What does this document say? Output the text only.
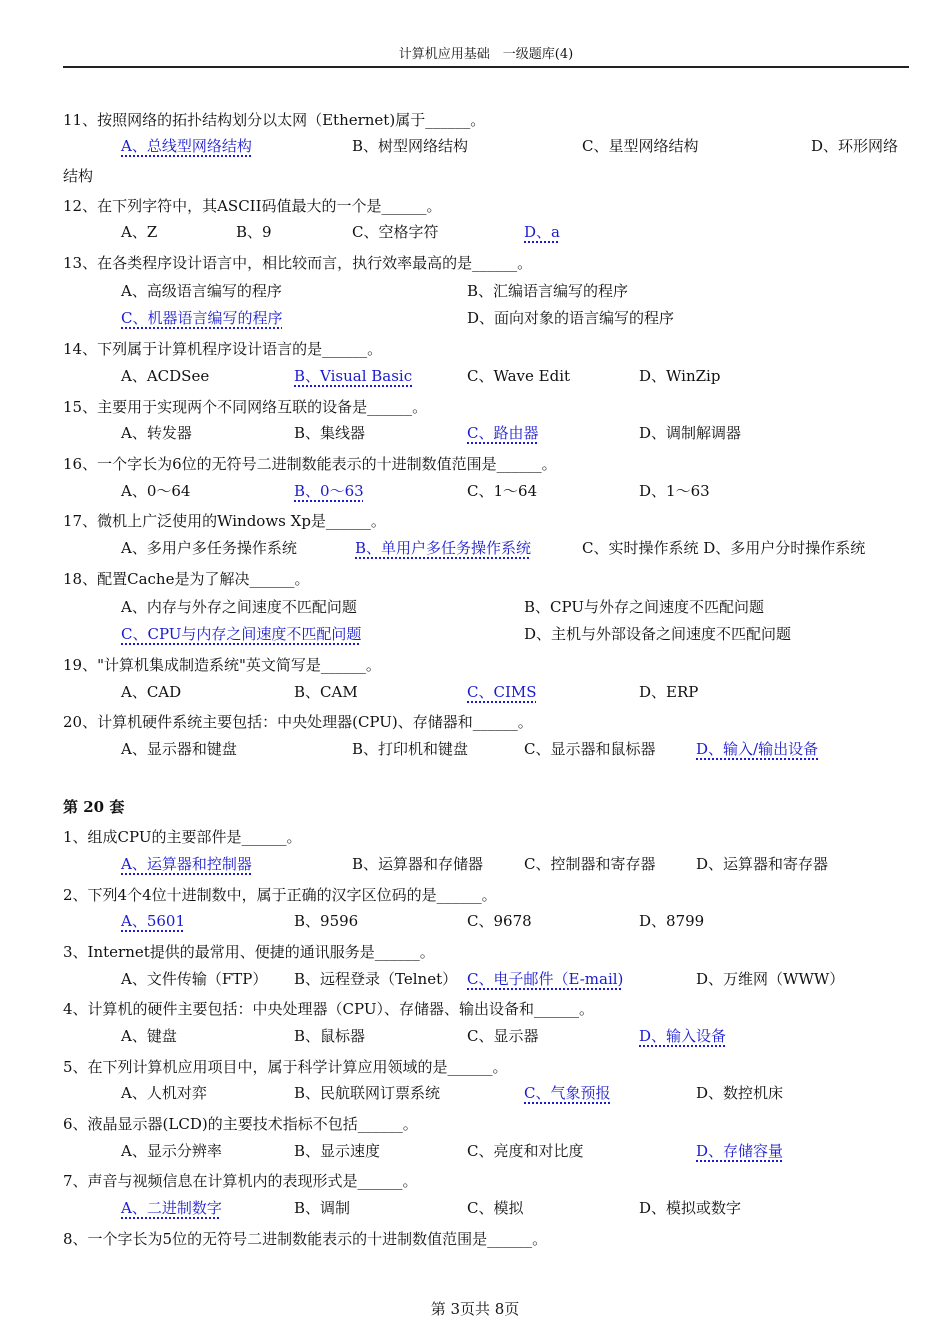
计算机应用基础　一级题库(4)

11、按照网络的拓扑结构划分以太网（Ethernet)属于______。

A、总线型网络结构	B、树型网络结构	C、星型网络结构	D、环形网络

结构

12、在下列字符中，其ASCII码值最大的一个是______。

A、Z	B、9	C、空格字符	D、a

13、在各类程序设计语言中，相比较而言，执行效率最高的是______。

A、高级语言编写的程序	B、汇编语言编写的程序
C、机器语言编写的程序	D、面向对象的语言编写的程序

14、下列属于计算机程序设计语言的是______。

A、ACDSee	B、Visual Basic	C、Wave Edit	D、WinZip

15、主要用于实现两个不同网络互联的设备是______。

A、转发器	B、集线器	C、路由器	D、调制解调器

16、一个字长为6位的无符号二进制数能表示的十进制数值范围是______。

A、0～64	B、0～63	C、1～64	D、1～63

17、微机上广泛使用的Windows Xp是______。

A、多用户多任务操作系统	B、单用户多任务操作系统	C、实时操作系统 D、多用户分时操作系统

18、配置Cache是为了解决______。

A、内存与外存之间速度不匹配问题	B、CPU与外存之间速度不匹配问题
C、CPU与内存之间速度不匹配问题	D、主机与外部设备之间速度不匹配问题

19、"计算机集成制造系统"英文简写是______。

A、CAD	B、CAM	C、CIMS	D、ERP

20、计算机硬件系统主要包括：中央处理器(CPU)、存储器和______。

A、显示器和键盘	B、打印机和键盘	C、显示器和鼠标器	D、输入/输出设备

第 20 套

1、组成CPU的主要部件是______。

A、运算器和控制器	B、运算器和存储器	C、控制器和寄存器	D、运算器和寄存器

2、下列4个4位十进制数中，属于正确的汉字区位码的是______。

A、5601	B、9596	C、9678	D、8799

3、Internet提供的最常用、便捷的通讯服务是______。

A、文件传输（FTP） B、远程登录（Telnet） C、电子邮件（E-mail)	D、万维网（WWW）

4、计算机的硬件主要包括：中央处理器（CPU）、存储器、输出设备和______。

A、键盘	B、鼠标器	C、显示器	D、输入设备

5、在下列计算机应用项目中，属于科学计算应用领域的是______。

A、人机对弈	B、民航联网订票系统	C、气象预报	D、数控机床

6、液晶显示器(LCD)的主要技术指标不包括______。

A、显示分辨率	B、显示速度	C、亮度和对比度	D、存储容量

7、声音与视频信息在计算机内的表现形式是______。

A、二进制数字	B、调制	C、模拟	D、模拟或数字

8、一个字长为5位的无符号二进制数能表示的十进制数值范围是______。

第 3页共 8页
